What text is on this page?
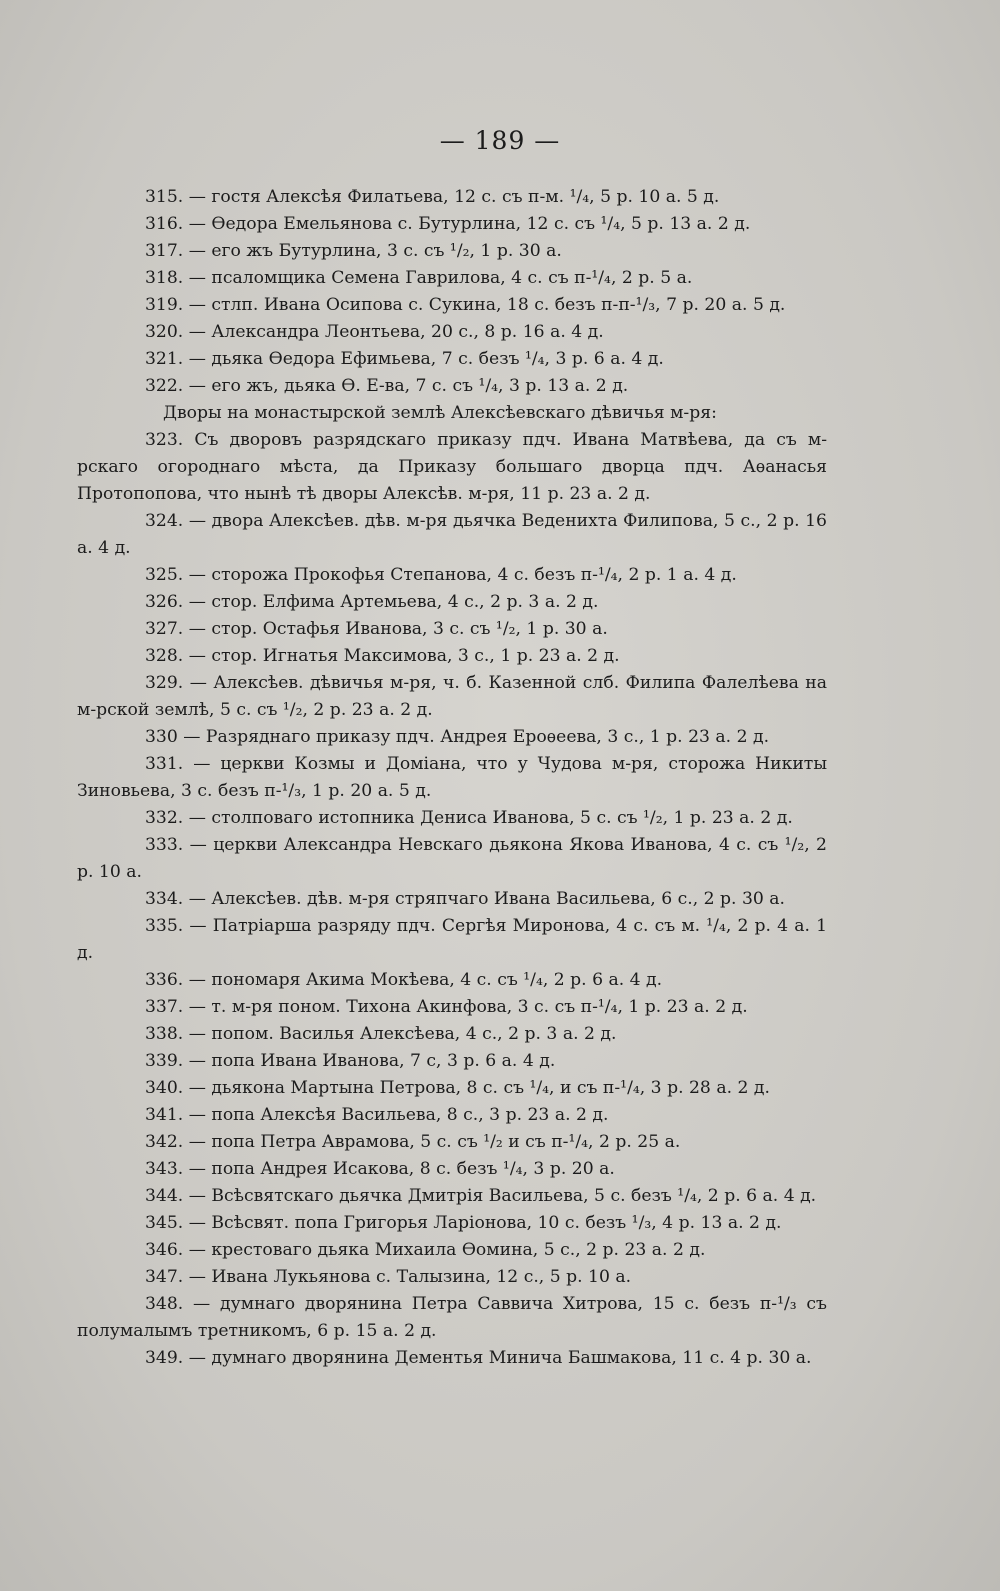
— 189 —

315. — гостя Алексѣя Филатьева, 12 с. съ п-м. ¹/₄, 5 р. 10 а. 5 д.

316. — Ѳедора Емельянова с. Бутурлина, 12 с. съ ¹/₄, 5 р. 13 а. 2 д.

317. — его жъ Бутурлина, 3 с. съ ¹/₂, 1 р. 30 а.

318. — псаломщика Семена Гаврилова, 4 с. съ п-¹/₄, 2 р. 5 а.

319. — стлп. Ивана Осипова с. Сукина, 18 с. безъ п-п-¹/₃, 7 р. 20 а. 5 д.

320. — Александра Леонтьева, 20 с., 8 р. 16 а. 4 д.

321. — дьяка Ѳедора Ефимьева, 7 с. безъ ¹/₄, 3 р. 6 а. 4 д.

322. — его жъ, дьяка Ѳ. Е-ва, 7 с. съ ¹/₄, 3 р. 13 а. 2 д.

Дворы на монастырской землѣ Алексѣевскаго дѣвичья м-ря:

323. Съ дворовъ разрядскаго приказу пдч. Ивана Матвѣева, да съ м-рскаго огороднаго мѣста, да Приказу большаго дворца пдч. Аѳанасья Протопопова, что нынѣ тѣ дворы Алексѣв. м-ря, 11 р. 23 а. 2 д.

324. — двора Алексѣев. дѣв. м-ря дьячка Веденихта Филипова, 5 с., 2 р. 16 а. 4 д.

325. — сторожа Прокофья Степанова, 4 с. безъ п-¹/₄, 2 р. 1 а. 4 д.

326. — стор. Елфима Артемьева, 4 с., 2 р. 3 а. 2 д.

327. — стор. Остафья Иванова, 3 с. съ ¹/₂, 1 р. 30 а.

328. — стор. Игнатья Максимова, 3 с., 1 р. 23 а. 2 д.

329. — Алексѣев. дѣвичья м-ря, ч. б. Казенной слб. Филипа Фалелѣева на м-рской землѣ, 5 с. съ ¹/₂, 2 р. 23 а. 2 д.

330 — Разряднаго приказу пдч. Андрея Ероѳеева, 3 с., 1 р. 23 а. 2 д.

331. — церкви Козмы и Доміана, что у Чудова м-ря, сторожа Никиты Зиновьева, 3 с. безъ п-¹/₃, 1 р. 20 а. 5 д.

332. — столповаго истопника Дениса Иванова, 5 с. съ ¹/₂, 1 р. 23 а. 2 д.

333. — церкви Александра Невскаго дьякона Якова Иванова, 4 с. съ ¹/₂, 2 р. 10 а.

334. — Алексѣев. дѣв. м-ря стряпчаго Ивана Васильева, 6 с., 2 р. 30 а.

335. — Патріарша разряду пдч. Сергѣя Миронова, 4 с. съ м. ¹/₄, 2 р. 4 а. 1 д.

336. — пономаря Акима Мокѣева, 4 с. съ ¹/₄, 2 р. 6 а. 4 д.

337. — т. м-ря поном. Тихона Акинфова, 3 с. съ п-¹/₄, 1 р. 23 а. 2 д.

338. — попом. Василья Алексѣева, 4 с., 2 р. 3 а. 2 д.

339. — попа Ивана Иванова, 7 с, 3 р. 6 а. 4 д.

340. — дьякона Мартына Петрова, 8 с. съ ¹/₄, и съ п-¹/₄, 3 р. 28 а. 2 д.

341. — попа Алексѣя Васильева, 8 с., 3 р. 23 а. 2 д.

342. — попа Петра Аврамова, 5 с. съ ¹/₂ и съ п-¹/₄, 2 р. 25 а.

343. — попа Андрея Исакова, 8 с. безъ ¹/₄, 3 р. 20 а.

344. — Всѣсвятскаго дьячка Дмитрія Васильева, 5 с. безъ ¹/₄, 2 р. 6 а. 4 д.

345. — Всѣсвят. попа Григорья Ларіонова, 10 с. безъ ¹/₃, 4 р. 13 а. 2 д.

346. — крестоваго дьяка Михаила Ѳомина, 5 с., 2 р. 23 а. 2 д.

347. — Ивана Лукьянова с. Талызина, 12 с., 5 р. 10 а.

348. — думнаго дворянина Петра Саввича Хитрова, 15 с. безъ п-¹/₃ съ полумалымъ третникомъ, 6 р. 15 а. 2 д.

349. — думнаго дворянина Дементья Минича Башмакова, 11 с. 4 р. 30 а.
